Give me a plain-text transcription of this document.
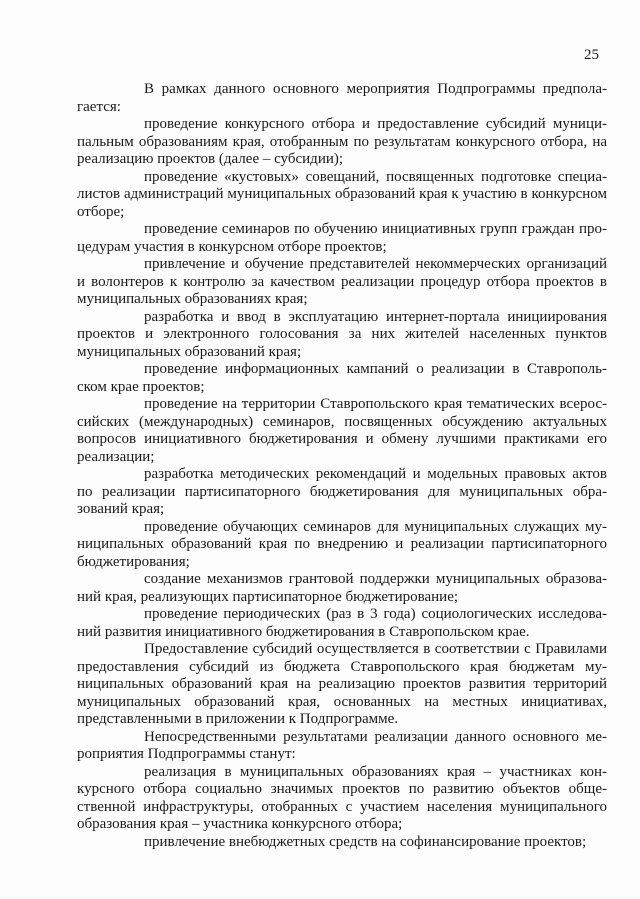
25

В рамках данного основного мероприятия Подпрограммы предполагается:

проведение конкурсного отбора и предоставление субсидий муниципальным образованиям края, отобранным по результатам конкурсного отбора, на реализацию проектов (далее – субсидии);

проведение «кустовых» совещаний, посвященных подготовке специалистов администраций муниципальных образований края к участию в конкурсном отборе;

проведение семинаров по обучению инициативных групп граждан процедурам участия в конкурсном отборе проектов;

привлечение и обучение представителей некоммерческих организаций и волонтеров к контролю за качеством реализации процедур отбора проектов в муниципальных образованиях края;

разработка и ввод в эксплуатацию интернет-портала инициирования проектов и электронного голосования за них жителей населенных пунктов муниципальных образований края;

проведение информационных кампаний о реализации в Ставропольском крае проектов;

проведение на территории Ставропольского края тематических всероссийских (международных) семинаров, посвященных обсуждению актуальных вопросов инициативного бюджетирования и обмену лучшими практиками его реализации;

разработка методических рекомендаций и модельных правовых актов по реализации партисипаторного бюджетирования для муниципальных образований края;

проведение обучающих семинаров для муниципальных служащих муниципальных образований края по внедрению и реализации партисипаторного бюджетирования;

создание механизмов грантовой поддержки муниципальных образований края, реализующих партисипаторное бюджетирование;

проведение периодических (раз в 3 года) социологических исследований развития инициативного бюджетирования в Ставропольском крае.

Предоставление субсидий осуществляется в соответствии с Правилами предоставления субсидий из бюджета Ставропольского края бюджетам муниципальных образований края на реализацию проектов развития территорий муниципальных образований края, основанных на местных инициативах, представленными в приложении к Подпрограмме.

Непосредственными результатами реализации данного основного мероприятия Подпрограммы станут:

реализация в муниципальных образованиях края – участниках конкурсного отбора социально значимых проектов по развитию объектов общественной инфраструктуры, отобранных с участием населения муниципального образования края – участника конкурсного отбора;

привлечение внебюджетных средств на софинансирование проектов;
